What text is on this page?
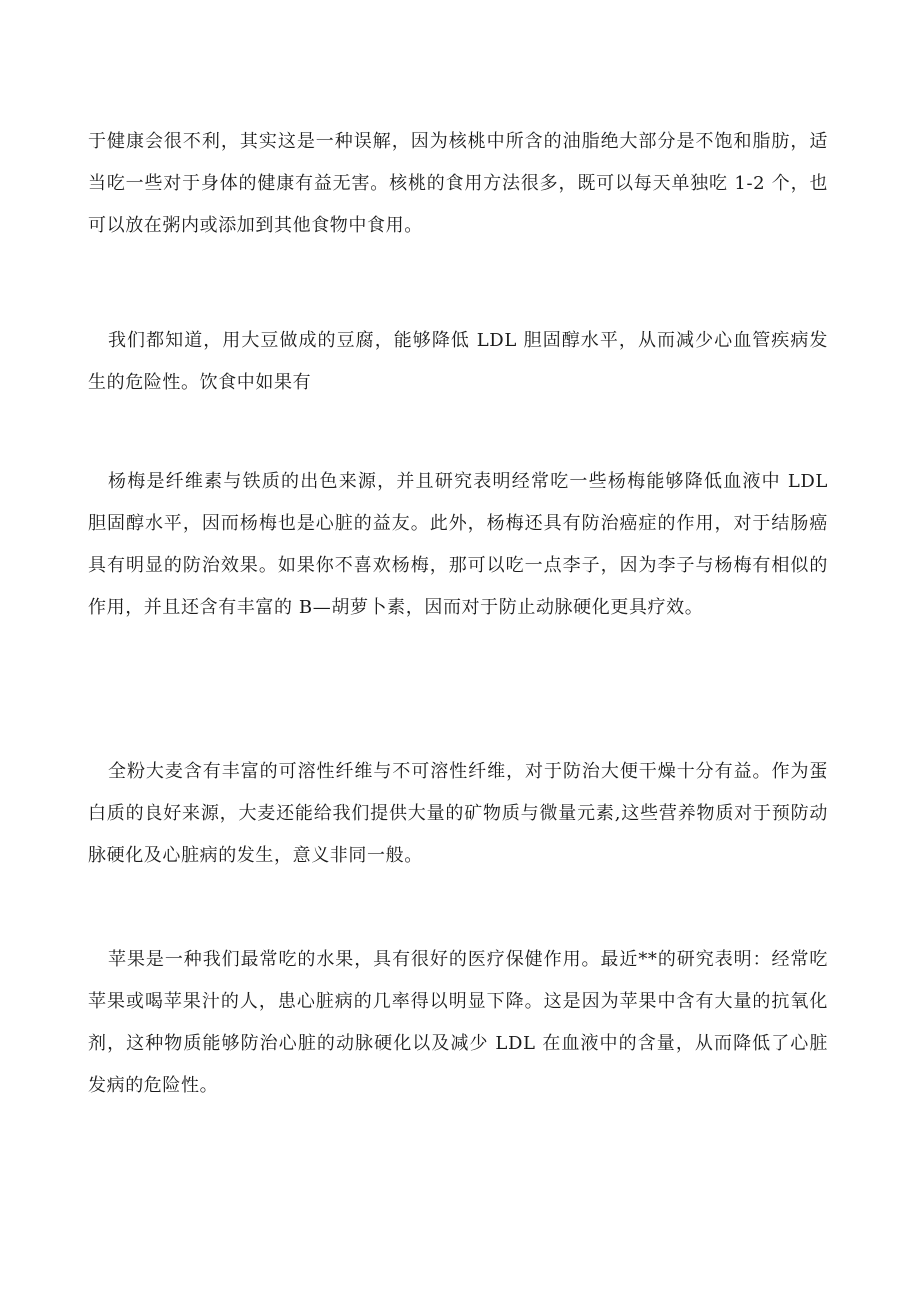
于健康会很不利，其实这是一种误解，因为核桃中所含的油脂绝大部分是不饱和脂肪，适当吃一些对于身体的健康有益无害。核桃的食用方法很多，既可以每天单独吃 1-2 个，也可以放在粥内或添加到其他食物中食用。

我们都知道，用大豆做成的豆腐，能够降低 LDL 胆固醇水平，从而减少心血管疾病发生的危险性。饮食中如果有

杨梅是纤维素与铁质的出色来源，并且研究表明经常吃一些杨梅能够降低血液中 LDL 胆固醇水平，因而杨梅也是心脏的益友。此外，杨梅还具有防治癌症的作用，对于结肠癌具有明显的防治效果。如果你不喜欢杨梅，那可以吃一点李子，因为李子与杨梅有相似的作用，并且还含有丰富的 B—胡萝卜素，因而对于防止动脉硬化更具疗效。

全粉大麦含有丰富的可溶性纤维与不可溶性纤维，对于防治大便干燥十分有益。作为蛋白质的良好来源，大麦还能给我们提供大量的矿物质与微量元素,这些营养物质对于预防动脉硬化及心脏病的发生，意义非同一般。

苹果是一种我们最常吃的水果，具有很好的医疗保健作用。最近**的研究表明：经常吃苹果或喝苹果汁的人，患心脏病的几率得以明显下降。这是因为苹果中含有大量的抗氧化剂，这种物质能够防治心脏的动脉硬化以及减少 LDL 在血液中的含量，从而降低了心脏发病的危险性。
